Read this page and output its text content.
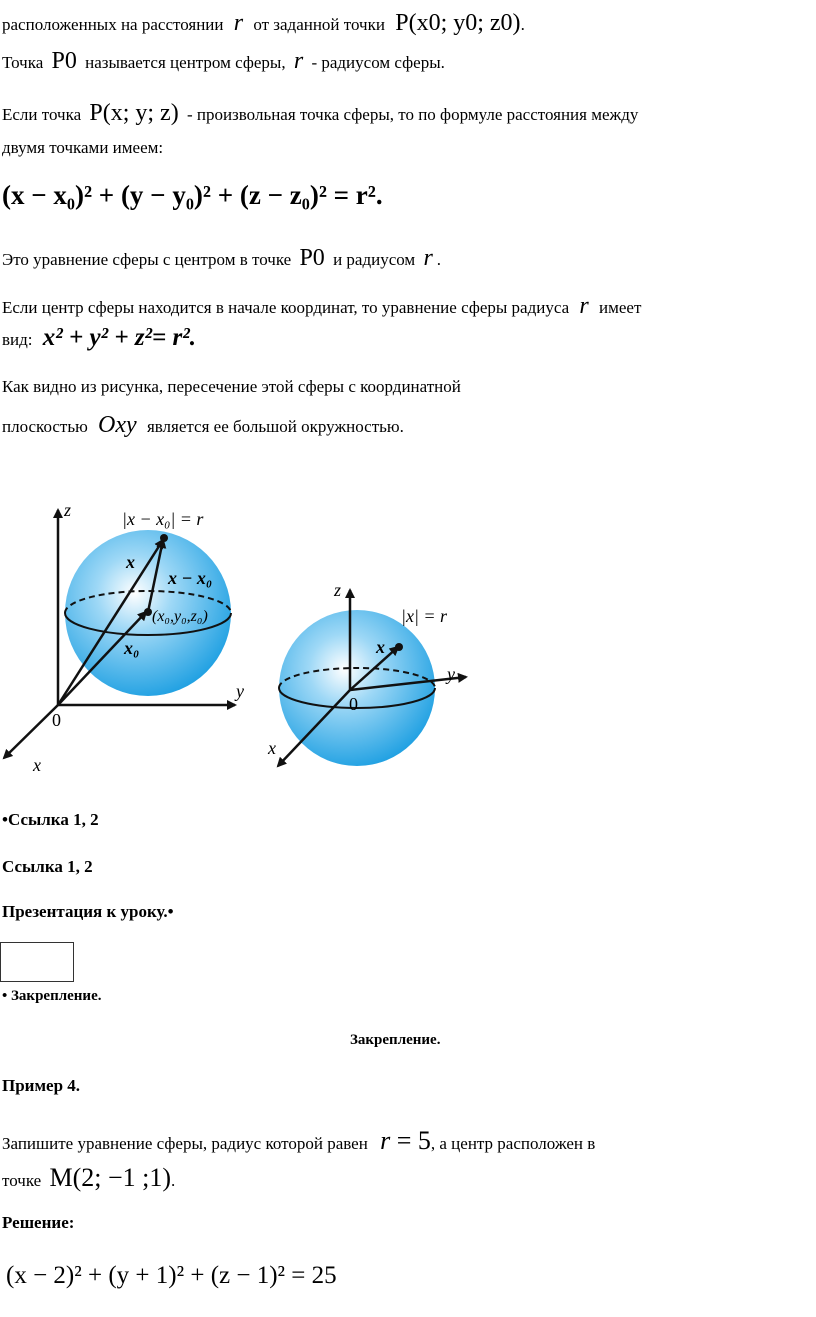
расположенных на расстоянии r от заданной точки P(x0; y0; z0).
Точка P0 называется центром сферы, r - радиусом сферы.
Если точка P(x; y; z) - произвольная точка сферы, то по формуле расстояния между
двумя точками имеем:
(x − x₀)² + (y − y₀)² + (z − z₀)² = r².
Это уравнение сферы с центром в точке P0 и радиусом r .
Если центр сферы находится в начале координат, то уравнение сферы радиуса r имеет
вид: x² + y² + z²= r².
Как видно из рисунка, пересечение этой сферы с координатной
плоскостью Oxy является ее большой окружностью.
z
y
x
0
|x − x₀| = r
x
x − x₀
(x₀,y₀,z₀)
x₀
z
y
x
0
|x| = r
x
•Ссылка 1, 2
Ссылка 1, 2
Презентация к уроку.•
• Закрепление.
Закрепление.
Пример 4.
Запишите уравнение сферы, радиус которой равен r = 5, а центр расположен в
точке M(2; −1 ;1).
Решение:
(x − 2)² + (y + 1)² + (z − 1)² = 25
